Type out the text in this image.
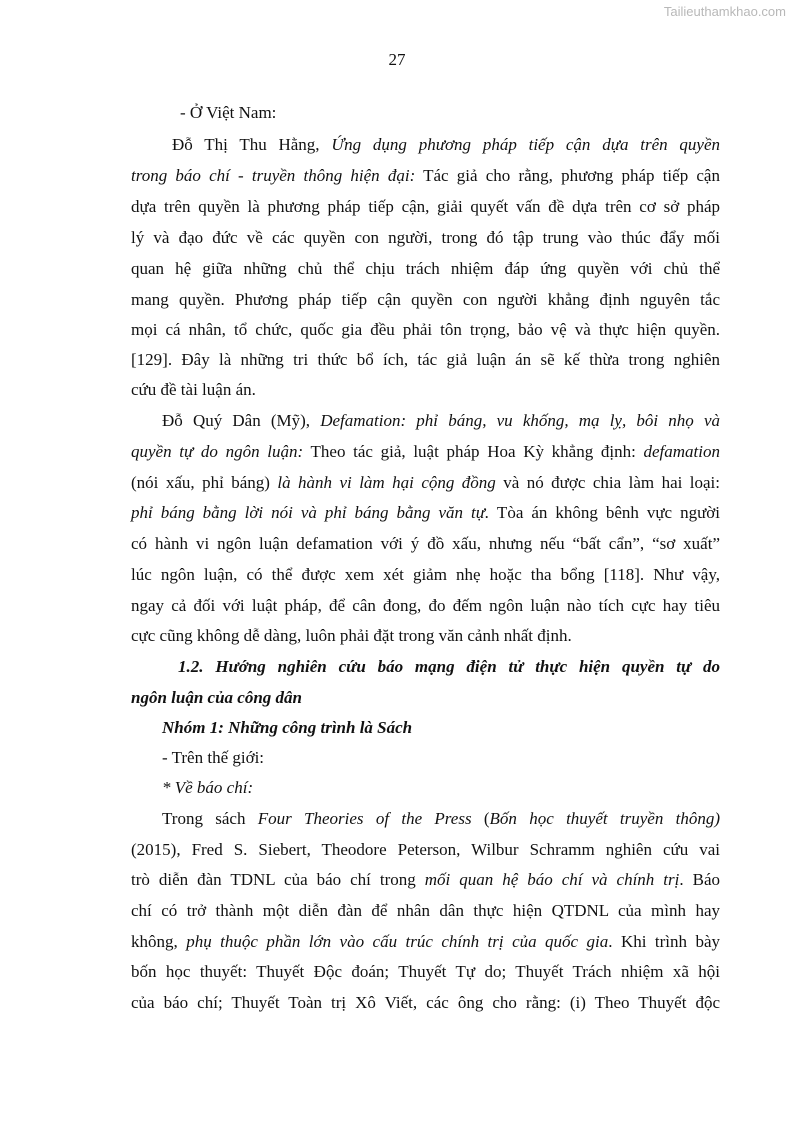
Tailieuthamkhao.com
27
- Ở Việt Nam:
Đỗ Thị Thu Hằng, Ứng dụng phương pháp tiếp cận dựa trên quyền
trong báo chí - truyền thông hiện đại: Tác giả cho rằng, phương pháp tiếp cận
dựa trên quyền là phương pháp tiếp cận, giải quyết vấn đề dựa trên cơ sở pháp
lý và đạo đức về các quyền con người, trong đó tập trung vào thúc đẩy mối
quan hệ giữa những chủ thể chịu trách nhiệm đáp ứng quyền với chủ thể
mang quyền. Phương pháp tiếp cận quyền con người khẳng định nguyên tắc
mọi cá nhân, tổ chức, quốc gia đều phải tôn trọng, bảo vệ và thực hiện quyền.
[129]. Đây là những tri thức bổ ích, tác giả luận án sẽ kế thừa trong nghiên
cứu đề tài luận án.
Đỗ Quý Dân (Mỹ), Defamation: phỉ báng, vu khống, mạ lỵ, bôi nhọ và
quyền tự do ngôn luận: Theo tác giả, luật pháp Hoa Kỳ khẳng định: defamation
(nói xấu, phỉ báng) là hành vi làm hại cộng đồng và nó được chia làm hai loại:
phỉ báng bằng lời nói và phỉ báng bằng văn tự. Tòa án không bênh vực người
có hành vi ngôn luận defamation với ý đồ xấu, nhưng nếu “bất cẩn”, “sơ xuất”
lúc ngôn luận, có thể được xem xét giảm nhẹ hoặc tha bổng [118]. Như vậy,
ngay cả đối với luật pháp, để cân đong, đo đếm ngôn luận nào tích cực hay tiêu
cực cũng không dễ dàng, luôn phải đặt trong văn cảnh nhất định.
1.2. Hướng nghiên cứu báo mạng điện tử thực hiện quyền tự do
ngôn luận của công dân
Nhóm 1: Những công trình là Sách
- Trên thế giới:
* Về báo chí:
Trong sách Four Theories of the Press (Bốn học thuyết truyền thông)
(2015), Fred S. Siebert, Theodore Peterson, Wilbur Schramm nghiên cứu vai
trò diễn đàn TDNL của báo chí trong mối quan hệ báo chí và chính trị. Báo
chí có trở thành một diễn đàn để nhân dân thực hiện QTDNL của mình hay
không, phụ thuộc phần lớn vào cấu trúc chính trị của quốc gia. Khi trình bày
bốn học thuyết: Thuyết Độc đoán; Thuyết Tự do; Thuyết Trách nhiệm xã hội
của báo chí; Thuyết Toàn trị Xô Viết, các ông cho rằng: (i) Theo Thuyết độc
